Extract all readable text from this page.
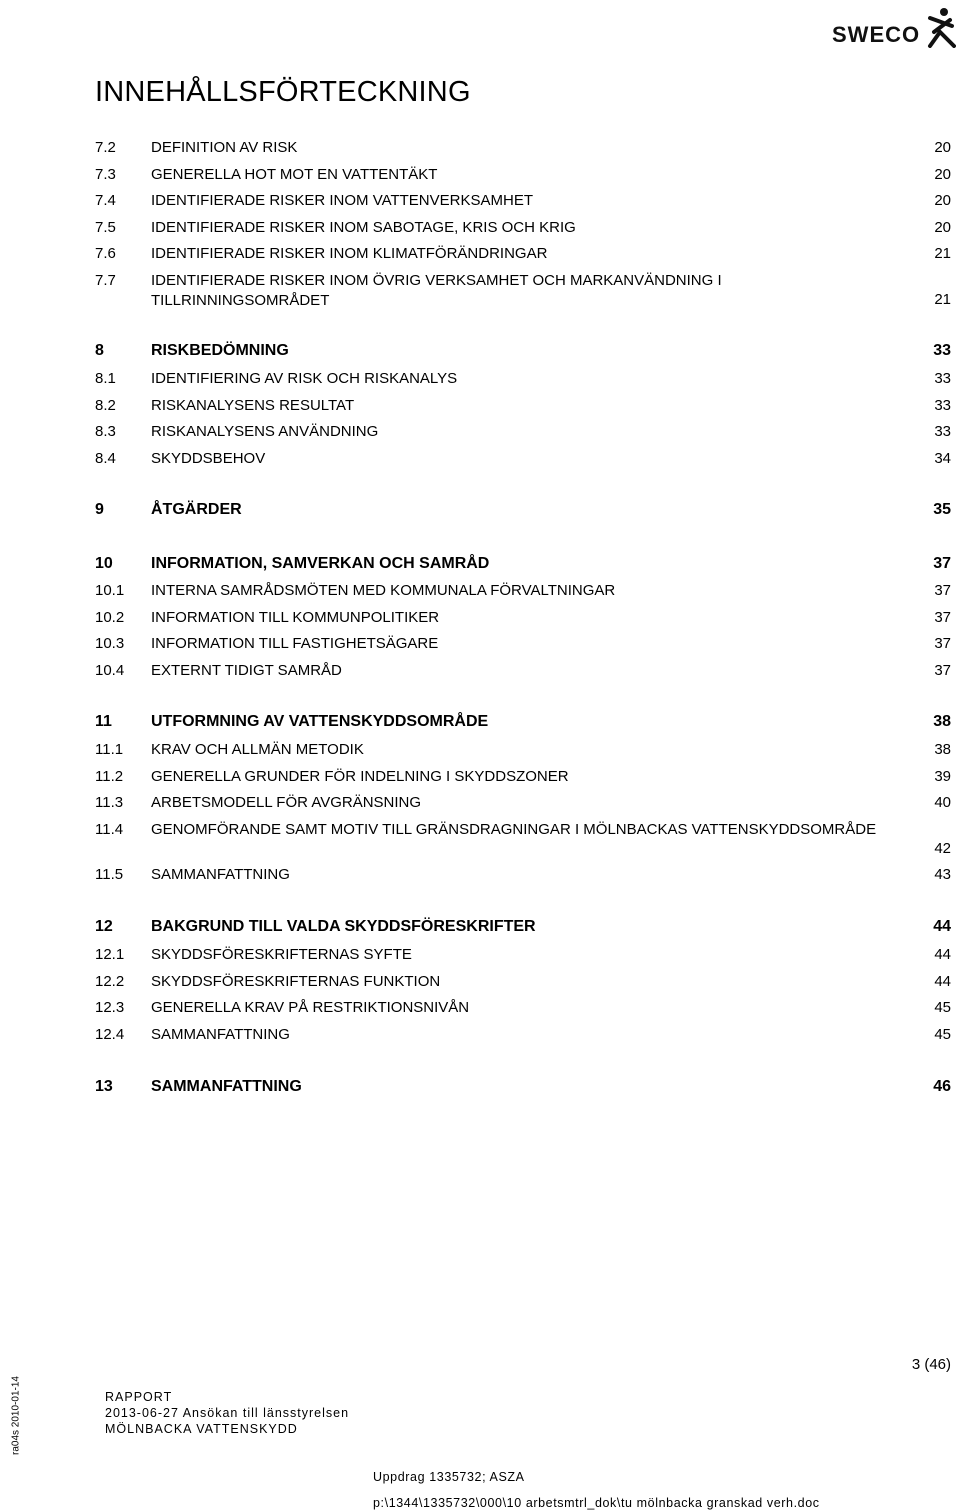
SWECO
INNEHÅLLSFÖRTECKNING
7.2 DEFINITION AV RISK	20
7.3 GENERELLA HOT MOT EN VATTENTÄKT	20
7.4 IDENTIFIERADE RISKER INOM VATTENVERKSAMHET	20
7.5 IDENTIFIERADE RISKER INOM SABOTAGE, KRIS OCH KRIG	20
7.6 IDENTIFIERADE RISKER INOM KLIMATFÖRÄNDRINGAR	21
7.7 IDENTIFIERADE RISKER INOM ÖVRIG VERKSAMHET OCH MARKANVÄNDNING I TILLRINNINGSOMRÅDET	21
8	RISKBEDÖMNING	33
8.1 IDENTIFIERING AV RISK OCH RISKANALYS	33
8.2 RISKANALYSENS RESULTAT	33
8.3 RISKANALYSENS ANVÄNDNING	33
8.4 SKYDDSBEHOV	34
9	ÅTGÄRDER	35
10 INFORMATION, SAMVERKAN OCH SAMRÅD	37
10.1 INTERNA SAMRÅDSMÖTEN MED KOMMUNALA FÖRVALTNINGAR	37
10.2 INFORMATION TILL KOMMUNPOLITIKER	37
10.3 INFORMATION TILL FASTIGHETSÄGARE	37
10.4 EXTERNT TIDIGT SAMRÅD	37
11 UTFORMNING AV VATTENSKYDDSOMRÅDE	38
11.1 KRAV OCH ALLMÄN METODIK	38
11.2 GENERELLA GRUNDER FÖR INDELNING I SKYDDSZONER	39
11.3 ARBETSMODELL FÖR AVGRÄNSNING	40
11.4 GENOMFÖRANDE SAMT MOTIV TILL GRÄNSDRAGNINGAR I MÖLNBACKAS VATTENSKYDDSOMRÅDE
42
11.5 SAMMANFATTNING	43
12 BAKGRUND TILL VALDA SKYDDSFÖRESKRIFTER	44
12.1 SKYDDSFÖRESKRIFTERNAS SYFTE	44
12.2 SKYDDSFÖRESKRIFTERNAS FUNKTION	44
12.3 GENERELLA KRAV PÅ RESTRIKTIONSNIVÅN	45
12.4 SAMMANFATTNING	45
13 SAMMANFATTNING	46
3 (46)
ra04s 2010-01-14	RAPPORT
2013-06-27 Ansökan till länsstyrelsen
MÖLNBACKA VATTENSKYDD
Uppdrag 1335732; ASZA
p:\1344\1335732\000\10 arbetsmtrl_dok\tu mölnbacka granskad verh.doc
